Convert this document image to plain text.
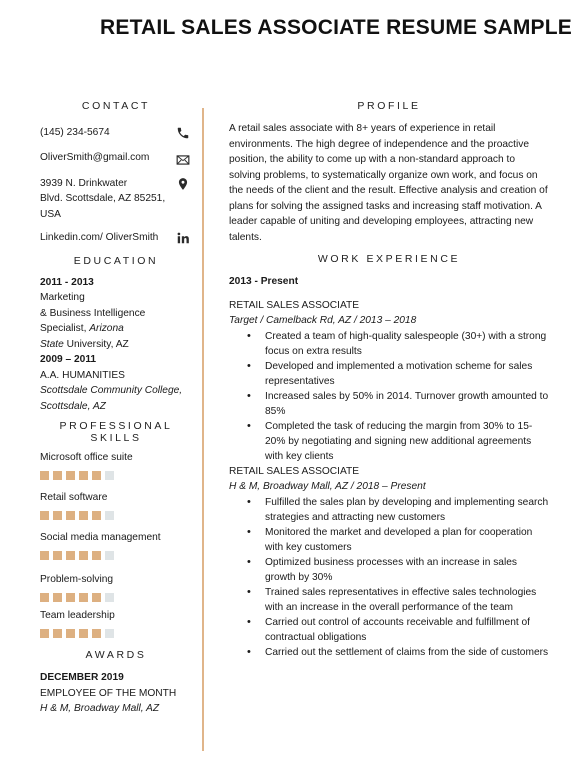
RETAIL SALES ASSOCIATE RESUME SAMPLE

CONTACT

(145) 234-5674
OliverSmith@gmail.com
3939 N. Drinkwater
Blvd. Scottsdale, AZ 85251,
USA
Linkedin.com/ OliverSmith

EDUCATION

2011 - 2013
Marketing
& Business Intelligence
Specialist, Arizona
State University, AZ
2009 – 2011
A.A. HUMANITIES
Scottsdale Community College,
Scottsdale, AZ

PROFESSIONAL SKILLS

Microsoft office suite
Retail software
Social media management
Problem-solving
Team leadership

AWARDS

DECEMBER 2019
EMPLOYEE OF THE MONTH
H & M, Broadway Mall, AZ

PROFILE

A retail sales associate with 8+ years of experience in retail environments. The high degree of independence and the proactive position, the ability to come up with a non-standard approach to solving problems, to systematically organize own work, and focus on the needs of the client and the result. Effective analysis and creation of plans for solving the assigned tasks and increasing staff motivation. A leader capable of uniting and developing employees, attracting new talents.

WORK EXPERIENCE

2013 - Present
RETAIL SALES ASSOCIATE
Target / Camelback Rd, AZ / 2013 – 2018
• Created a team of high-quality salespeople (30+) with a strong focus on extra results
• Developed and implemented a motivation scheme for sales representatives
• Increased sales by 50% in 2014. Turnover growth amounted to 85%
• Completed the task of reducing the margin from 30% to 15-20% by negotiating and signing new additional agreements with key clients
RETAIL SALES ASSOCIATE
H & M, Broadway Mall, AZ / 2018 – Present
• Fulfilled the sales plan by developing and implementing search strategies and attracting new customers
• Monitored the market and developed a plan for cooperation with key customers
• Optimized business processes with an increase in sales growth by 30%
• Trained sales representatives in effective sales technologies with an increase in the overall performance of the team
• Carried out control of accounts receivable and fulfillment of contractual obligations
• Carried out the settlement of claims from the side of customers
